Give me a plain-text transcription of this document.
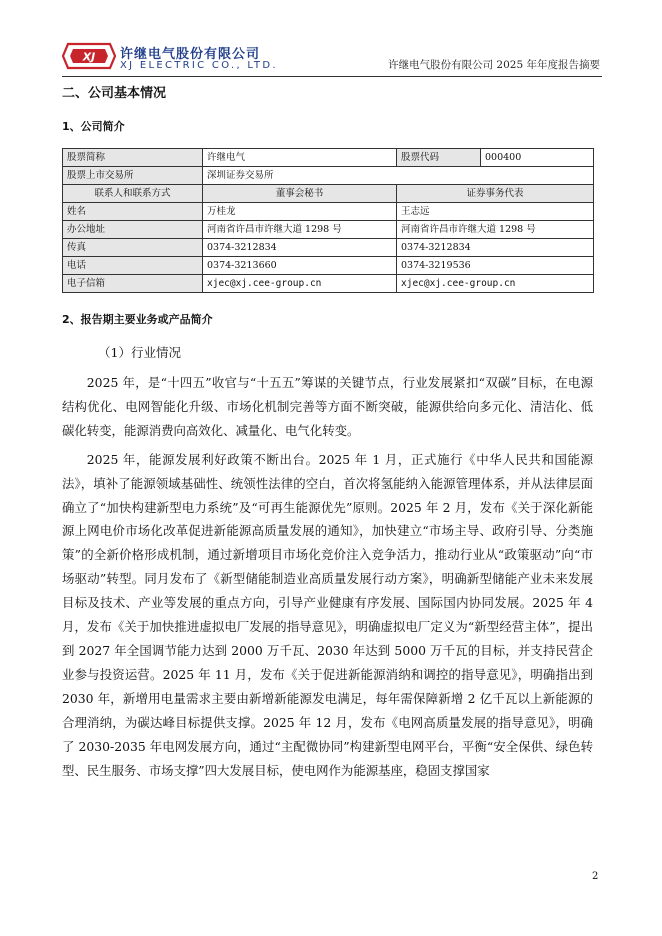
XJ 许继电气股份有限公司
XJ ELECTRIC CO., LTD.	许继电气股份有限公司 2025 年年度报告摘要
二、公司基本情况
1、公司简介
股票简称	许继电气	股票代码	000400
股票上市交易所	深圳证券交易所		
联系人和联系方式	董事会秘书	证券事务代表	
姓名	万桂龙	王志远	
办公地址	河南省许昌市许继大道 1298 号	河南省许昌市许继大道 1298 号	
传真	0374-3212834	0374-3212834	
电话	0374-3213660	0374-3219536	
电子信箱	xjec@xj.cee-group.cn	xjec@xj.cee-group.cn	
2、报告期主要业务或产品简介
（1）行业情况

2025 年，是“十四五”收官与“十五五”筹谋的关键节点，行业发展紧扣“双碳”目标，在电源结构优化、电网智能化升级、市场化机制完善等方面不断突破，能源供给向多元化、清洁化、低碳化转变，能源消费向高效化、减量化、电气化转变。

2025 年，能源发展利好政策不断出台。2025 年 1 月，正式施行《中华人民共和国能源法》，填补了能源领域基础性、统领性法律的空白，首次将氢能纳入能源管理体系，并从法律层面确立了“加快构建新型电力系统”及“可再生能源优先”原则。2025 年 2 月，发布《关于深化新能源上网电价市场化改革促进新能源高质量发展的通知》，加快建立“市场主导、政府引导、分类施策”的全新价格形成机制，通过新增项目市场化竞价注入竞争活力，推动行业从“政策驱动”向“市场驱动”转型。同月发布了《新型储能制造业高质量发展行动方案》，明确新型储能产业未来发展目标及技术、产业等发展的重点方向，引导产业健康有序发展、国际国内协同发展。2025 年 4 月，发布《关于加快推进虚拟电厂发展的指导意见》，明确虚拟电厂定义为“新型经营主体”，提出到 2027 年全国调节能力达到 2000 万千瓦、2030 年达到 5000 万千瓦的目标，并支持民营企业参与投资运营。2025 年 11 月，发布《关于促进新能源消纳和调控的指导意见》，明确指出到 2030 年，新增用电量需求主要由新增新能源发电满足，每年需保障新增 2 亿千瓦以上新能源的合理消纳，为碳达峰目标提供支撑。2025 年 12 月，发布《电网高质量发展的指导意见》，明确了 2030-2035 年电网发展方向，通过“主配微协同”构建新型电网平台，平衡“安全保供、绿色转型、民生服务、市场支撑”四大发展目标，使电网作为能源基座，稳固支撑国家

2
